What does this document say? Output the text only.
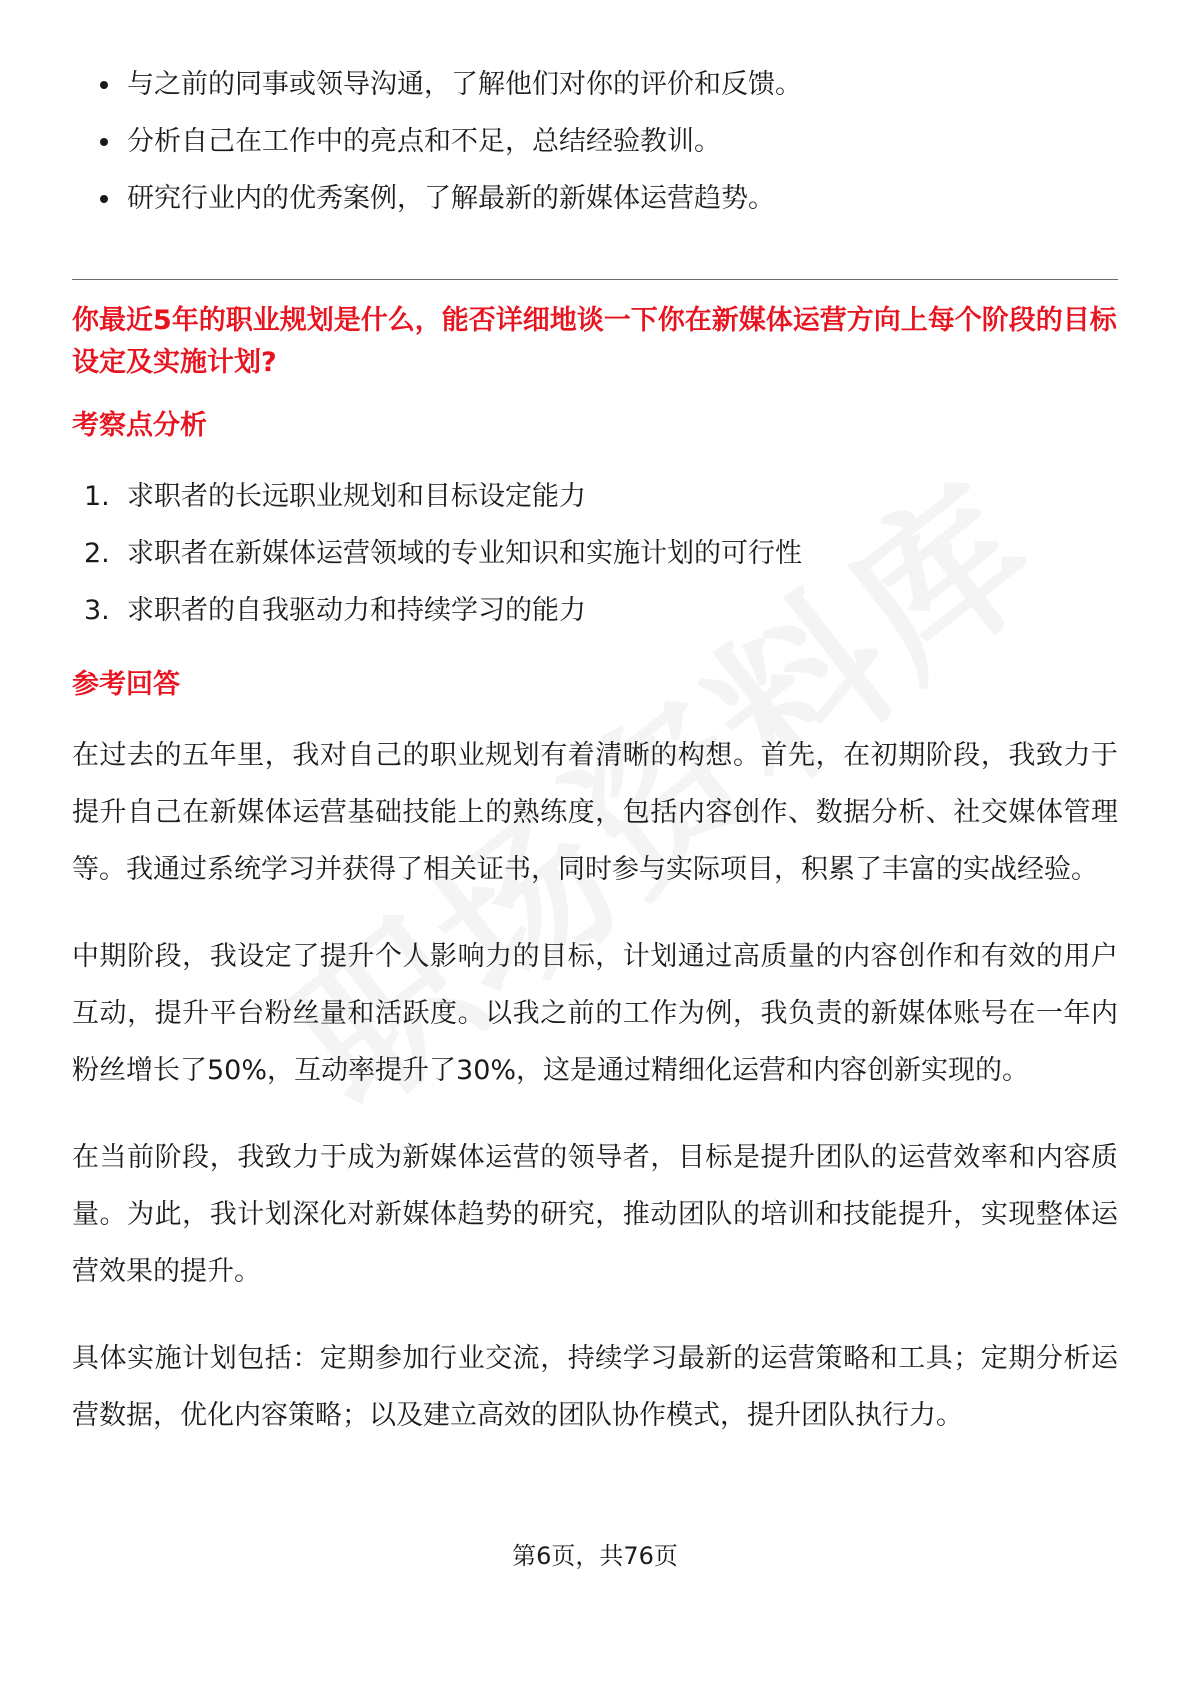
与之前的同事或领导沟通，了解他们对你的评价和反馈。
分析自己在工作中的亮点和不足，总结经验教训。
研究行业内的优秀案例，了解最新的新媒体运营趋势。
你最近5年的职业规划是什么，能否详细地谈一下你在新媒体运营方向上每个阶段的目标设定及实施计划?
考察点分析
1. 求职者的长远职业规划和目标设定能力
2. 求职者在新媒体运营领域的专业知识和实施计划的可行性
3. 求职者的自我驱动力和持续学习的能力
参考回答

在过去的五年里，我对自己的职业规划有着清晰的构想。首先，在初期阶段，我致力于提升自己在新媒体运营基础技能上的熟练度，包括内容创作、数据分析、社交媒体管理等。我通过系统学习并获得了相关证书，同时参与实际项目，积累了丰富的实战经验。

中期阶段，我设定了提升个人影响力的目标，计划通过高质量的内容创作和有效的用户互动，提升平台粉丝量和活跃度。以我之前的工作为例，我负责的新媒体账号在一年内粉丝增长了50%，互动率提升了30%，这是通过精细化运营和内容创新实现的。

在当前阶段，我致力于成为新媒体运营的领导者，目标是提升团队的运营效率和内容质量。为此，我计划深化对新媒体趋势的研究，推动团队的培训和技能提升，实现整体运营效果的提升。

具体实施计划包括：定期参加行业交流，持续学习最新的运营策略和工具；定期分析运营数据，优化内容策略；以及建立高效的团队协作模式，提升团队执行力。

第6页，共76页
